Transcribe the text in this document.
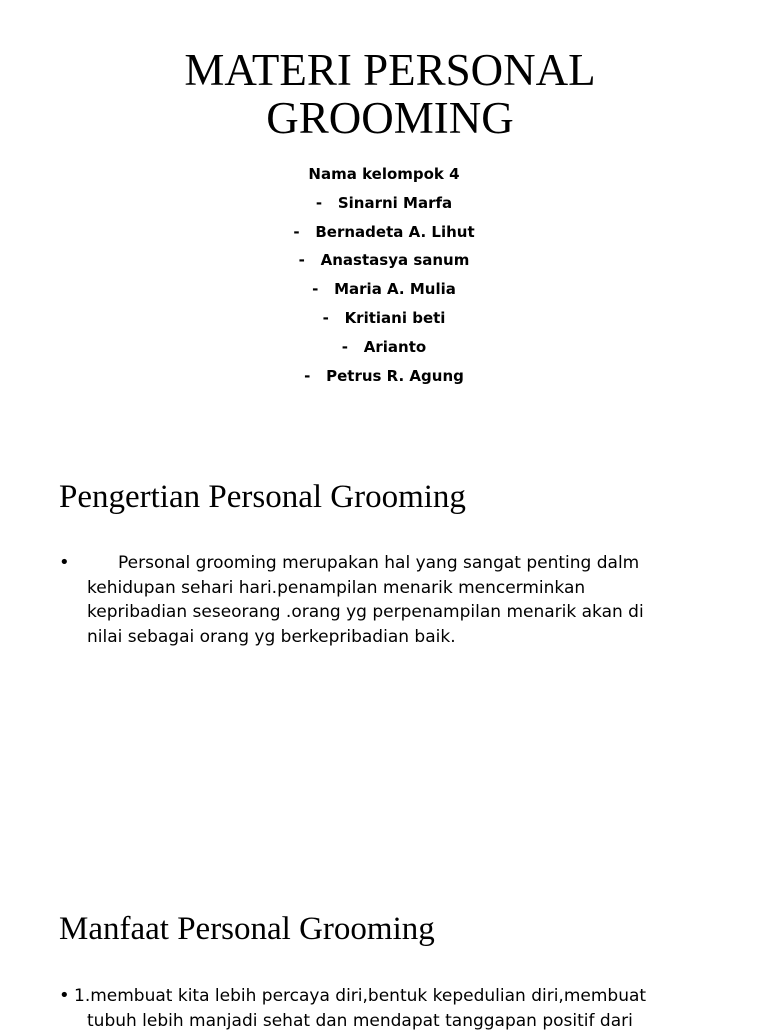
MATERI PERSONAL
GROOMING
Nama kelompok 4
- Sinarni Marfa
- Bernadeta A. Lihut
- Anastasya sanum
- Maria A. Mulia
- Kritiani beti
- Arianto
- Petrus R. Agung
Pengertian Personal Grooming
•	Personal grooming merupakan hal yang sangat penting dalm
kehidupan sehari hari.penampilan menarik mencerminkan
kepribadian seseorang .orang yg perpenampilan menarik akan di
nilai sebagai orang yg berkepribadian baik.

Manfaat Personal Grooming
• 1.membuat kita lebih percaya diri,bentuk kepedulian diri,membuat
tubuh lebih manjadi sehat dan mendapat tanggapan positif dari
